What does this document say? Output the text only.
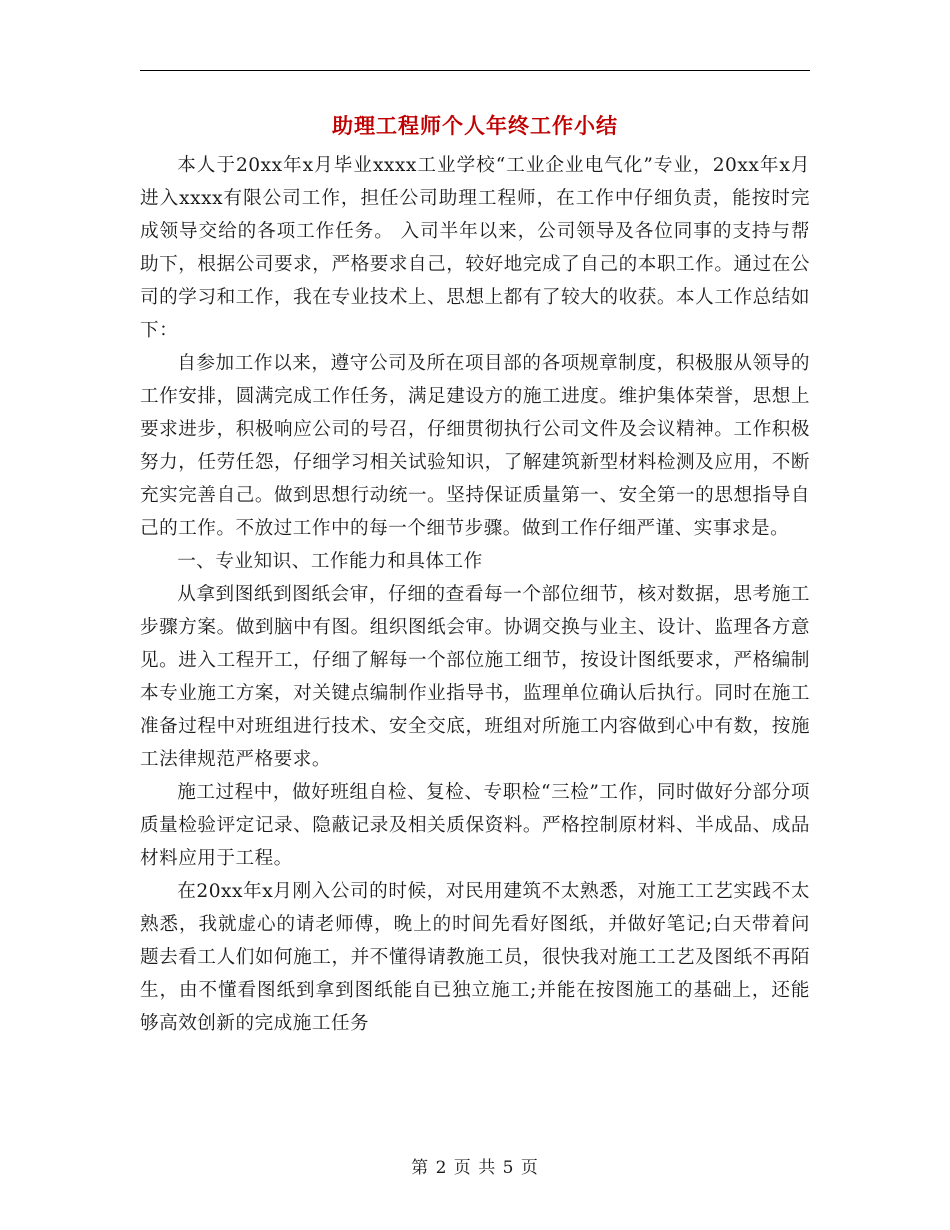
助理工程师个人年终工作小结

本人于20xx年x月毕业xxxx工业学校“工业企业电气化”专业，20xx年x月进入xxxx有限公司工作，担任公司助理工程师，在工作中仔细负责，能按时完成领导交给的各项工作任务。 入司半年以来，公司领导及各位同事的支持与帮助下，根据公司要求，严格要求自己，较好地完成了自己的本职工作。通过在公司的学习和工作，我在专业技术上、思想上都有了较大的收获。本人工作总结如下：

自参加工作以来，遵守公司及所在项目部的各项规章制度，积极服从领导的工作安排，圆满完成工作任务，满足建设方的施工进度。维护集体荣誉，思想上要求进步，积极响应公司的号召，仔细贯彻执行公司文件及会议精神。工作积极努力，任劳任怨，仔细学习相关试验知识，了解建筑新型材料检测及应用，不断充实完善自己。做到思想行动统一。坚持保证质量第一、安全第一的思想指导自己的工作。不放过工作中的每一个细节步骤。做到工作仔细严谨、实事求是。

一、专业知识、工作能力和具体工作

从拿到图纸到图纸会审，仔细的查看每一个部位细节，核对数据，思考施工步骤方案。做到脑中有图。组织图纸会审。协调交换与业主、设计、监理各方意见。进入工程开工，仔细了解每一个部位施工细节，按设计图纸要求，严格编制本专业施工方案，对关键点编制作业指导书，监理单位确认后执行。同时在施工准备过程中对班组进行技术、安全交底，班组对所施工内容做到心中有数，按施工法律规范严格要求。

施工过程中，做好班组自检、复检、专职检“三检”工作，同时做好分部分项质量检验评定记录、隐蔽记录及相关质保资料。严格控制原材料、半成品、成品材料应用于工程。

在20xx年x月刚入公司的时候，对民用建筑不太熟悉，对施工工艺实践不太熟悉，我就虚心的请老师傅，晚上的时间先看好图纸，并做好笔记;白天带着问题去看工人们如何施工，并不懂得请教施工员，很快我对施工工艺及图纸不再陌生，由不懂看图纸到拿到图纸能自已独立施工;并能在按图施工的基础上，还能够高效创新的完成施工任务

第 2 页 共 5 页
